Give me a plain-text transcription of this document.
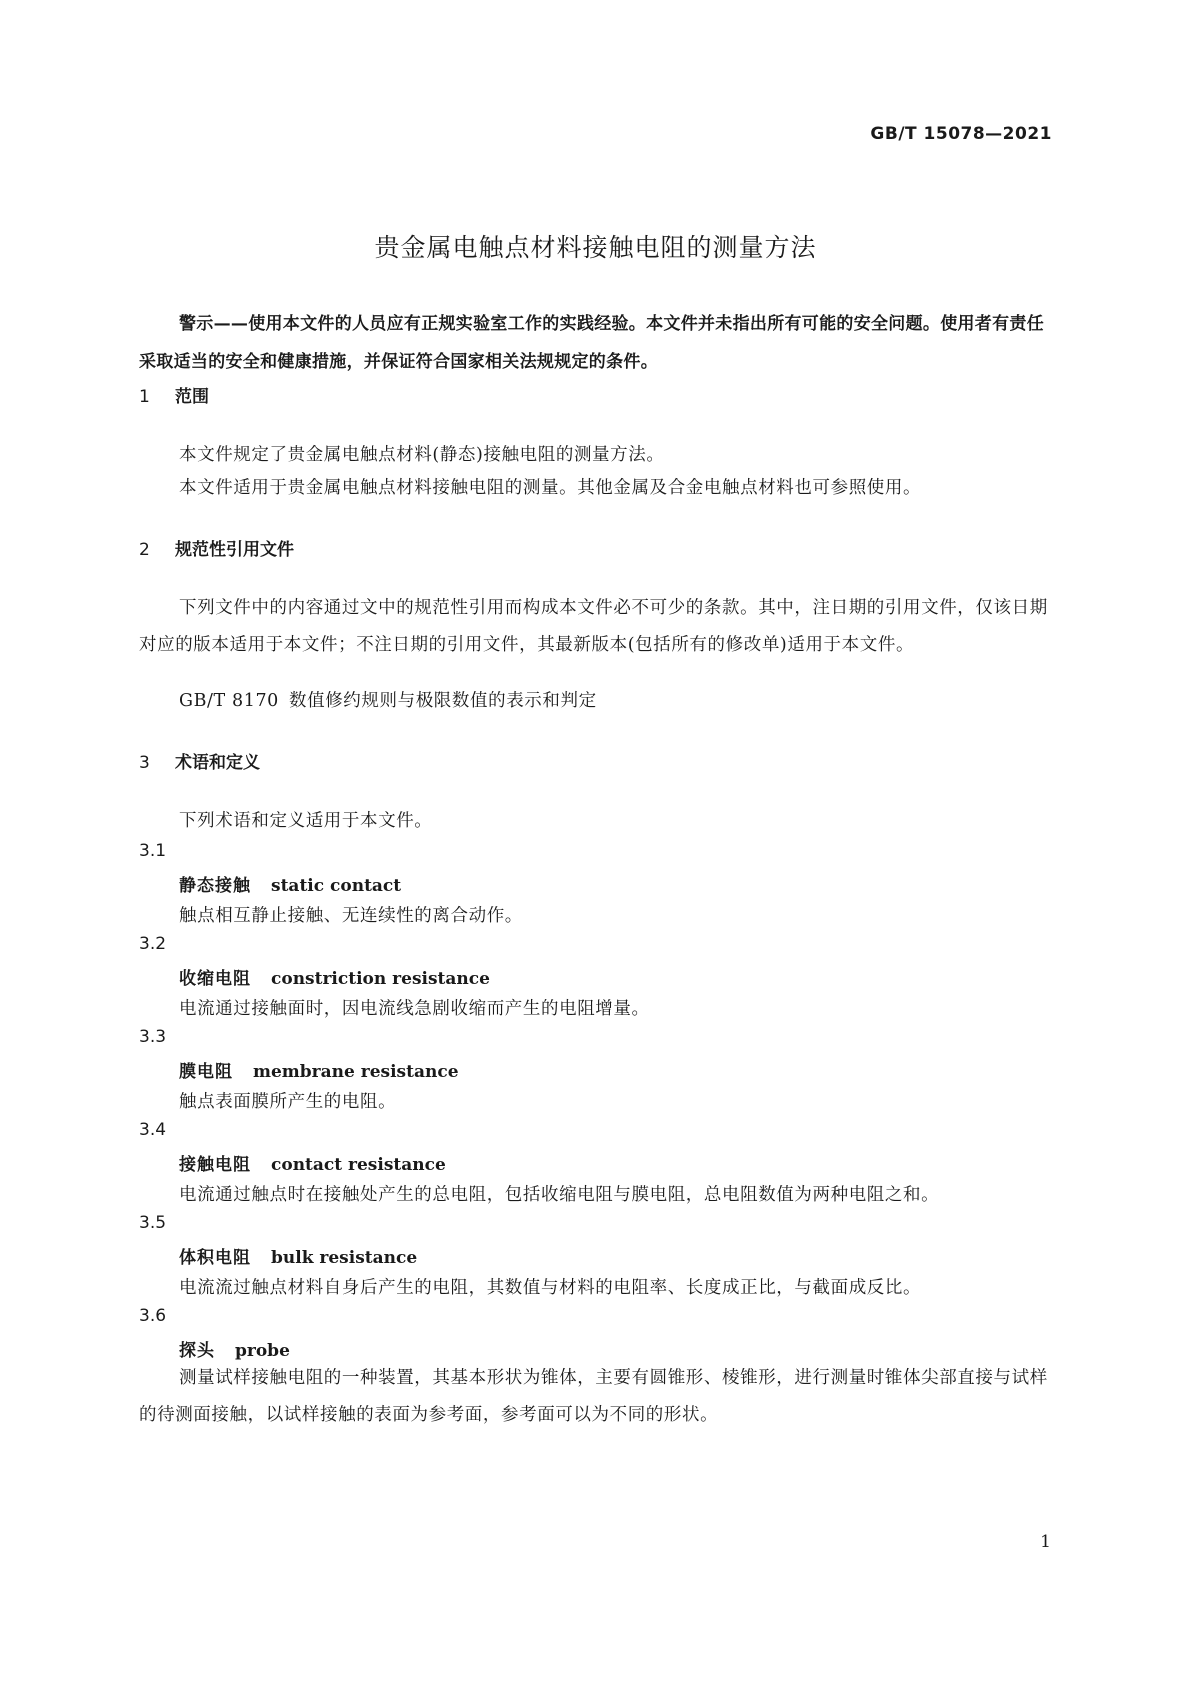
GB/T 15078—2021
贵金属电触点材料接触电阻的测量方法
警示——使用本文件的人员应有正规实验室工作的实践经验。本文件并未指出所有可能的安全问题。使用者有责任采取适当的安全和健康措施，并保证符合国家相关法规规定的条件。
1 范围
本文件规定了贵金属电触点材料(静态)接触电阻的测量方法。
本文件适用于贵金属电触点材料接触电阻的测量。其他金属及合金电触点材料也可参照使用。
2 规范性引用文件
下列文件中的内容通过文中的规范性引用而构成本文件必不可少的条款。其中，注日期的引用文件，仅该日期对应的版本适用于本文件；不注日期的引用文件，其最新版本(包括所有的修改单)适用于本文件。
GB/T 8170 数值修约规则与极限数值的表示和判定
3 术语和定义
下列术语和定义适用于本文件。
3.1
静态接触 static contact
触点相互静止接触、无连续性的离合动作。
3.2
收缩电阻 constriction resistance
电流通过接触面时，因电流线急剧收缩而产生的电阻增量。
3.3
膜电阻 membrane resistance
触点表面膜所产生的电阻。
3.4
接触电阻 contact resistance
电流通过触点时在接触处产生的总电阻，包括收缩电阻与膜电阻，总电阻数值为两种电阻之和。
3.5
体积电阻 bulk resistance
电流流过触点材料自身后产生的电阻，其数值与材料的电阻率、长度成正比，与截面成反比。
3.6
探头 probe
测量试样接触电阻的一种装置，其基本形状为锥体，主要有圆锥形、棱锥形，进行测量时锥体尖部直接与试样的待测面接触，以试样接触的表面为参考面，参考面可以为不同的形状。
1
